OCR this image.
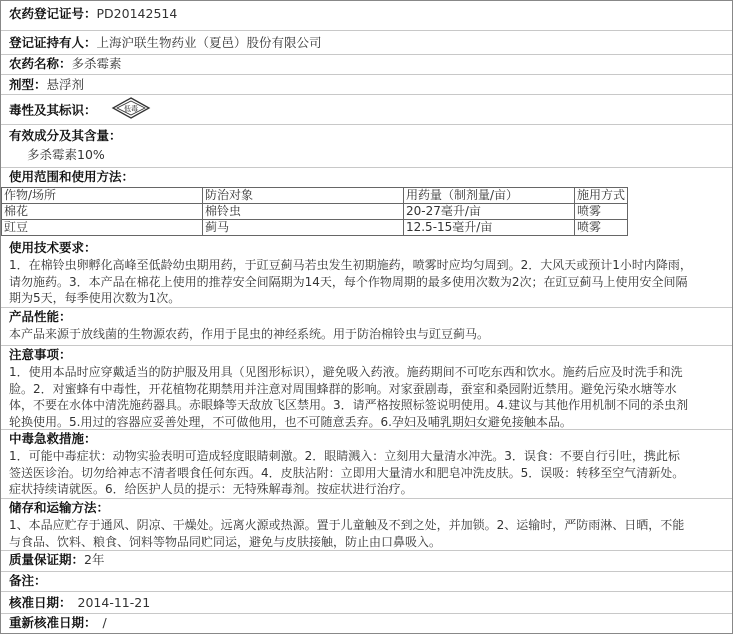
农药登记证号：PD20142514
登记证持有人：上海沪联生物药业（夏邑）股份有限公司
农药名称：多杀霉素
剂型：悬浮剂
毒性及其标识：	低毒
有效成分及其含量：
多杀霉素10%
使用范围和使用方法：
作物/场所	防治对象	用药量（制剂量/亩）	施用方式
棉花	棉铃虫	20-27毫升/亩	喷雾
豇豆	蓟马	12.5-15毫升/亩	喷雾
使用技术要求：
1．在棉铃虫卵孵化高峰至低龄幼虫期用药，于豇豆蓟马若虫发生初期施药，喷雾时应均匀周到。2．大风天或预计1小时内降雨，
请勿施药。3．本产品在棉花上使用的推荐安全间隔期为14天，每个作物周期的最多使用次数为2次；在豇豆蓟马上使用安全间隔
期为5天，每季使用次数为1次。
产品性能：
本产品来源于放线菌的生物源农药，作用于昆虫的神经系统。用于防治棉铃虫与豇豆蓟马。
注意事项：
1．使用本品时应穿戴适当的防护服及用具（见图形标识），避免吸入药液。施药期间不可吃东西和饮水。施药后应及时洗手和洗
脸。2．对蜜蜂有中毒性，开花植物花期禁用并注意对周围蜂群的影响。对家蚕剧毒，蚕室和桑园附近禁用。避免污染水塘等水
体，不要在水体中清洗施药器具。赤眼蜂等天敌放飞区禁用。3．请严格按照标签说明使用。4.建议与其他作用机制不同的杀虫剂
轮换使用。5.用过的容器应妥善处理，不可做他用，也不可随意丢弃。6.孕妇及哺乳期妇女避免接触本品。
中毒急救措施：
1．可能中毒症状：动物实验表明可造成轻度眼睛刺激。2．眼睛溅入：立刻用大量清水冲洗。3．误食：不要自行引吐，携此标
签送医诊治。切勿给神志不清者喂食任何东西。4．皮肤沾附：立即用大量清水和肥皂冲洗皮肤。5．误吸：转移至空气清新处。
症状持续请就医。6．给医护人员的提示：无特殊解毒剂。按症状进行治疗。
储存和运输方法：
1、本品应贮存于通风、阴凉、干燥处。远离火源或热源。置于儿童触及不到之处，并加锁。2、运输时，严防雨淋、日晒，不能
与食品、饮料、粮食、饲料等物品同贮同运，避免与皮肤接触，防止由口鼻吸入。
质量保证期：2年
备注：
核准日期： 2014-11-21
重新核准日期： /
